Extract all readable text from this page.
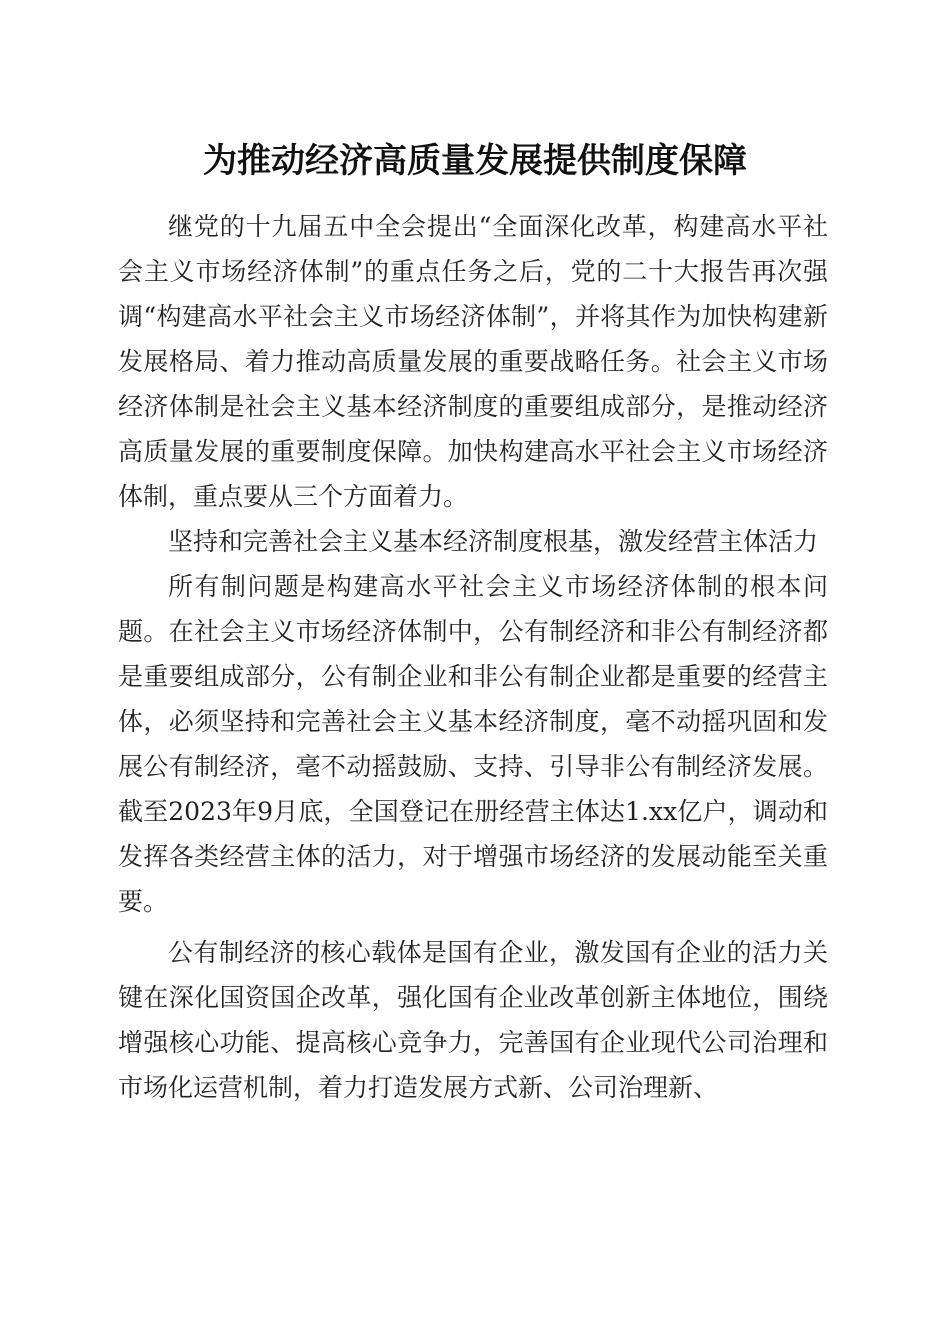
为推动经济高质量发展提供制度保障

继党的十九届五中全会提出“全面深化改革，构建高水平社会主义市场经济体制”的重点任务之后，党的二十大报告再次强调“构建高水平社会主义市场经济体制”，并将其作为加快构建新发展格局、着力推动高质量发展的重要战略任务。社会主义市场经济体制是社会主义基本经济制度的重要组成部分，是推动经济高质量发展的重要制度保障。加快构建高水平社会主义市场经济体制，重点要从三个方面着力。

坚持和完善社会主义基本经济制度根基，激发经营主体活力

所有制问题是构建高水平社会主义市场经济体制的根本问题。在社会主义市场经济体制中，公有制经济和非公有制经济都是重要组成部分，公有制企业和非公有制企业都是重要的经营主体，必须坚持和完善社会主义基本经济制度，毫不动摇巩固和发展公有制经济，毫不动摇鼓励、支持、引导非公有制经济发展。截至2023年9月底，全国登记在册经营主体达1.xx亿户，调动和发挥各类经营主体的活力，对于增强市场经济的发展动能至关重要。

公有制经济的核心载体是国有企业，激发国有企业的活力关键在深化国资国企改革，强化国有企业改革创新主体地位，围绕增强核心功能、提高核心竞争力，完善国有企业现代公司治理和市场化运营机制，着力打造发展方式新、公司治理新、
